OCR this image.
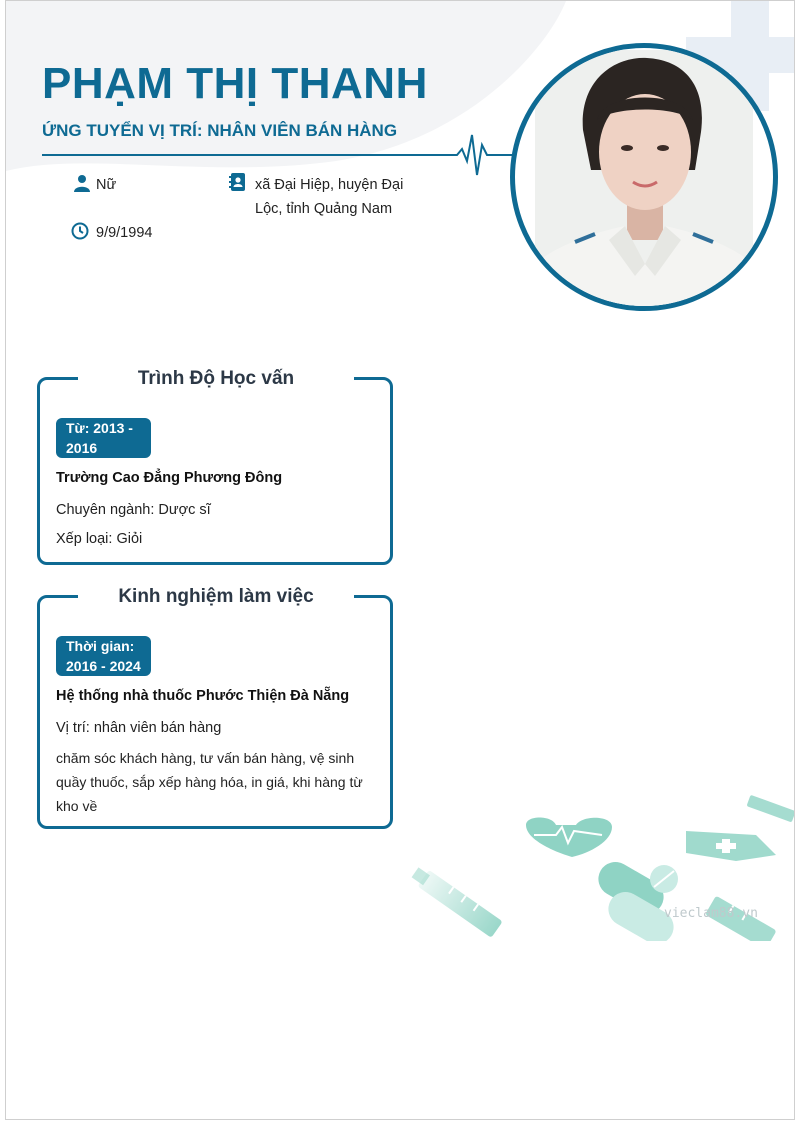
PHẠM THỊ THANH
ỨNG TUYỂN VỊ TRÍ: NHÂN VIÊN BÁN HÀNG
Nữ
9/9/1994
xã Đại Hiệp, huyện Đại
Lộc, tỉnh Quảng Nam
Trình Độ Học vấn
Từ: 2013 -
2016
Trường Cao Đẳng Phương Đông
Chuyên ngành: Dược sĩ
Xếp loại: Giỏi
Kinh nghiệm làm việc
Thời gian:
2016 - 2024
Hệ thống nhà thuốc Phước Thiện Đà Nẵng
Vị trí: nhân viên bán hàng
chăm sóc khách hàng, tư vấn bán hàng, vệ sinh
quầy thuốc, sắp xếp hàng hóa, in giá, khi hàng từ
kho về
vieclam88.vn
